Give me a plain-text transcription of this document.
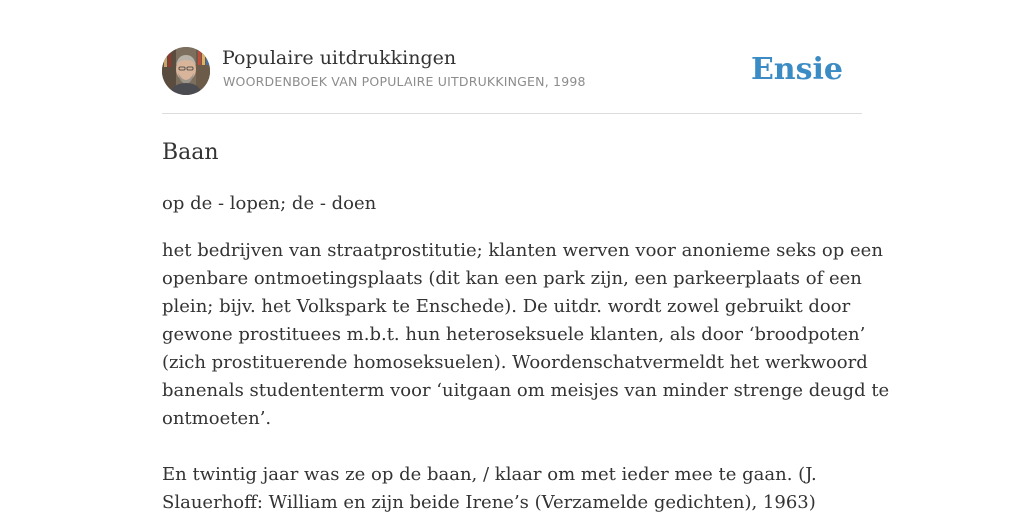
Populaire uitdrukkingen
WOORDENBOEK VAN POPULAIRE UITDRUKKINGEN, 1998	Ensie
Baan
op de - lopen; de - doen
het bedrijven van straatprostitutie; klanten werven voor anonieme seks op een
openbare ontmoetingsplaats (dit kan een park zijn, een parkeerplaats of een
plein; bijv. het Volkspark te Enschede). De uitdr. wordt zowel gebruikt door
gewone prostituees m.b.t. hun heteroseksuele klanten, als door ‘broodpoten’
(zich prostituerende homoseksuelen). Woordenschatvermeldt het werkwoord
banenals studententerm voor ‘uitgaan om meisjes van minder strenge deugd te
ontmoeten’.
En twintig jaar was ze op de baan, / klaar om met ieder mee te gaan. (J.
Slauerhoff: William en zijn beide Irene’s (Verzamelde gedichten), 1963)
